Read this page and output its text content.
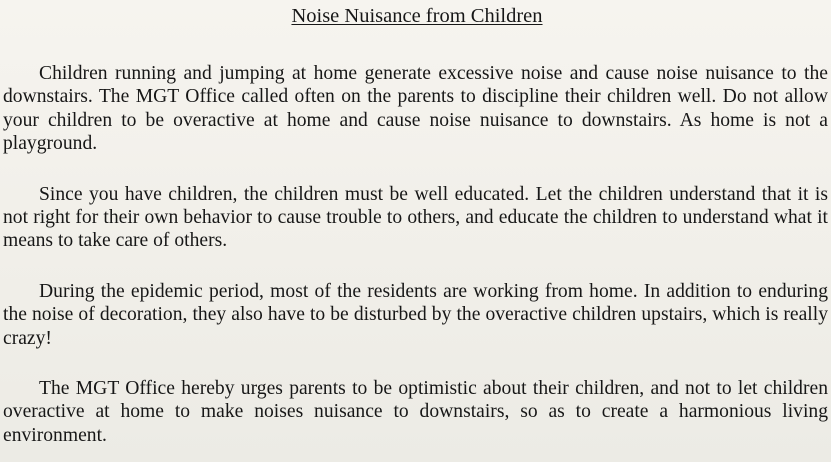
Noise Nuisance from Children

Children running and jumping at home generate excessive noise and cause noise nuisance to the downstairs. The MGT Office called often on the parents to discipline their children well. Do not allow your children to be overactive at home and cause noise nuisance to downstairs. As home is not a playground.

Since you have children, the children must be well educated. Let the children understand that it is not right for their own behavior to cause trouble to others, and educate the children to understand what it means to take care of others.

During the epidemic period, most of the residents are working from home. In addition to enduring the noise of decoration, they also have to be disturbed by the overactive children upstairs, which is really crazy!

The MGT Office hereby urges parents to be optimistic about their children, and not to let children overactive at home to make noises nuisance to downstairs, so as to create a harmonious living environment.
